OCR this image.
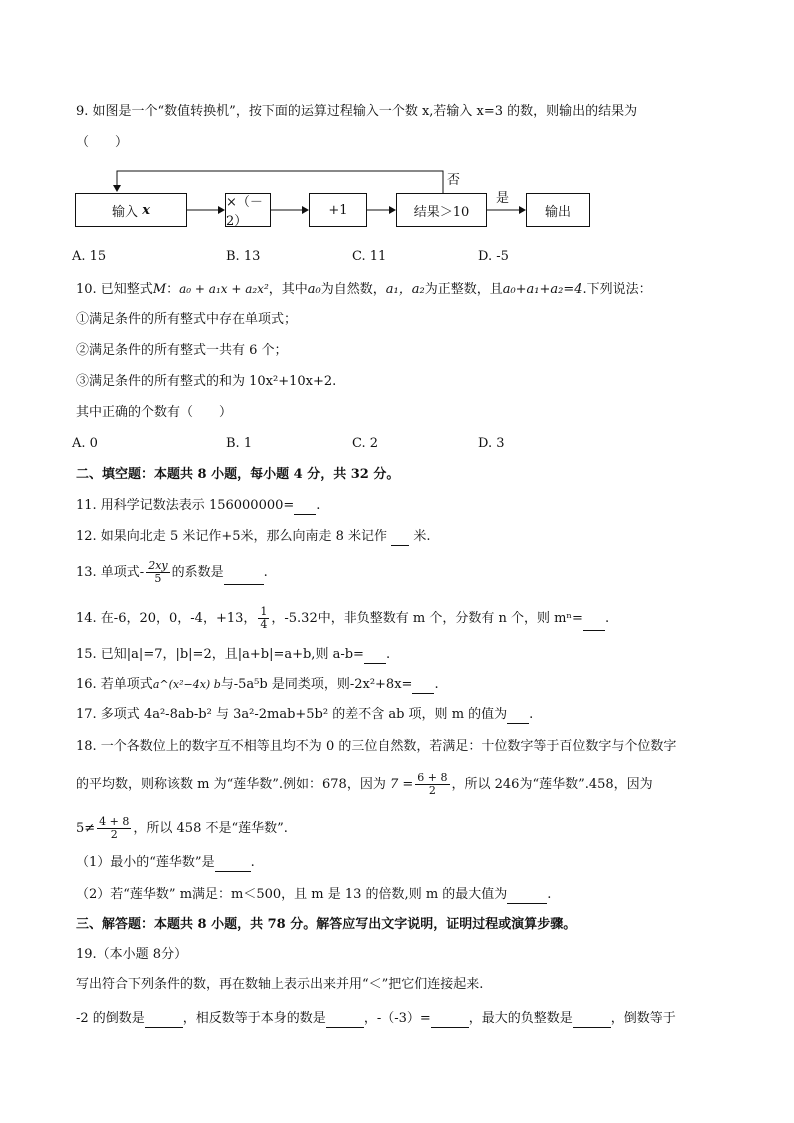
9. 如图是一个“数值转换机”，按下面的运算过程输入一个数 x,若输入 x=3 的数，则输出的结果为
（　　）
输入
x	×（－2）
+1	结果＞10	输出
否
是
A. 15	B. 13	C. 11	D. -5
10. 已知整式M：a₀ + a₁x + a₂x²，其中a₀为自然数，a₁，a₂为正整数，且a₀+a₁+a₂=4.下列说法：
①满足条件的所有整式中存在单项式；
②满足条件的所有整式一共有 6 个；
③满足条件的所有整式的和为 10x²+10x+2.
其中正确的个数有（　　）
A. 0	B. 1	C. 2	D. 3
二、填空题：本题共 8 小题，每小题 4 分，共 32 分。
11. 用科学记数法表示 156000000= .
12. 如果向北走 5 米记作+5米，那么向南走 8 米记作 米.
13. 单项式- $\frac{2xy}{5}$ 的系数是	.
14. 在-6，20，0，-4，+13， $\frac{1}{4}$ ，-5.32中，非负整数有 m 个，分数有 n 个，则 mⁿ= .
15. 已知|a|=7，|b|=2，且|a+b|=a+b,则 a-b= .
16. 若单项式a^(x²−4x) b与-5a⁵b 是同类项，则-2x²+8x= .
17. 多项式 4a²-8ab-b² 与 3a²-2mab+5b² 的差不含 ab 项，则 m 的值为 .
18. 一个各数位上的数字互不相等且均不为 0 的三位自然数，若满足：十位数字等于百位数字与个位数字
的平均数，则称该数 m 为“莲华数”.例如：678，因为 $7 = \frac{6 + 8}{2}$ ，所以 246为“莲华数”.458，因为
$5\ne \frac{4 + 8}{2}$ ，所以 458 不是“莲华数”.
（1）最小的“莲华数”是	.
（2）若“莲华数” m满足：m＜500，且 m 是 13 的倍数,则 m 的最大值为	.
三、解答题：本题共 8 小题，共 78 分。解答应写出文字说明，证明过程或演算步骤。
19.（本小题 8分）
写出符合下列条件的数，再在数轴上表示出来并用“＜”把它们连接起来.
-2 的倒数是	，相反数等于本身的数是	，-（-3）=	，最大的负整数是	，倒数等于
